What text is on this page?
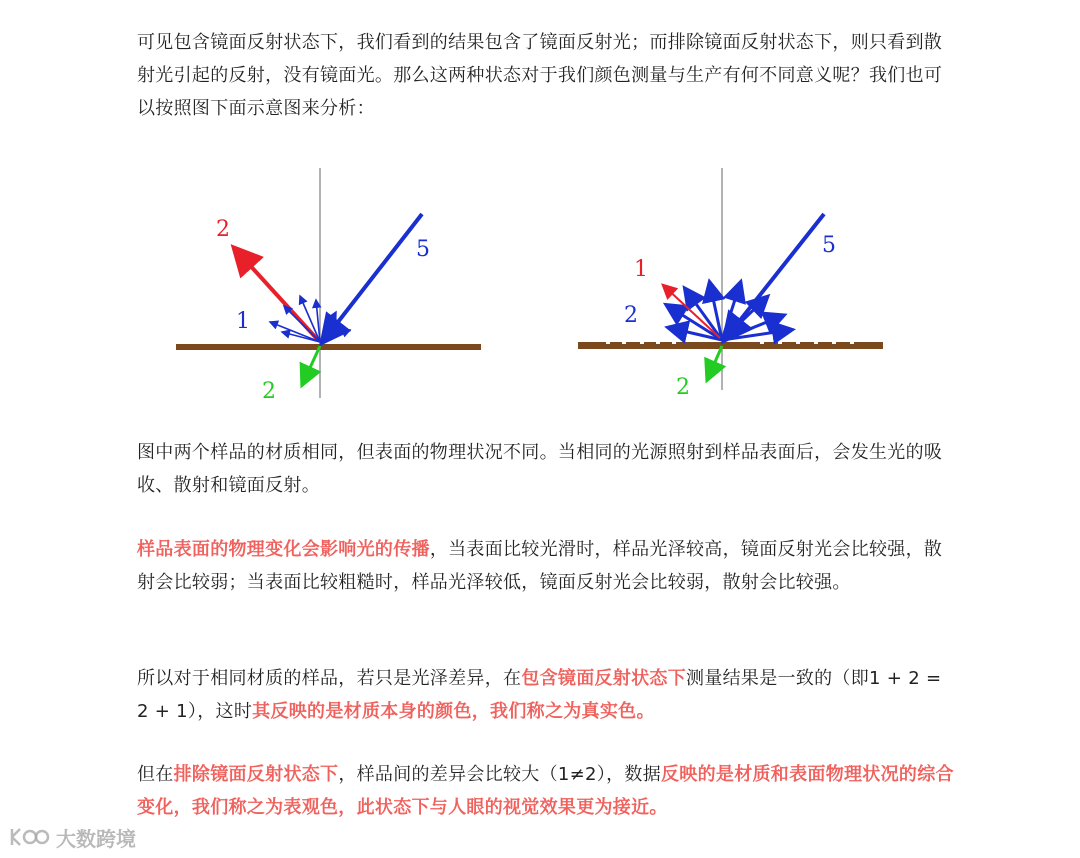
可见包含镜面反射状态下，我们看到的结果包含了镜面反射光；而排除镜面反射状态下，则只看到散射光引起的反射，没有镜面光。那么这两种状态对于我们颜色测量与生产有何不同意义呢？我们也可以按照图下面示意图来分析：

2
1
5
2
1
2
5
2

图中两个样品的材质相同，但表面的物理状况不同。当相同的光源照射到样品表面后，会发生光的吸收、散射和镜面反射。

样品表面的物理变化会影响光的传播，当表面比较光滑时，样品光泽较高，镜面反射光会比较强，散射会比较弱；当表面比较粗糙时，样品光泽较低，镜面反射光会比较弱，散射会比较强。

所以对于相同材质的样品，若只是光泽差异，在包含镜面反射状态下测量结果是一致的（即1 + 2 = 2 + 1），这时其反映的是材质本身的颜色，我们称之为真实色。

但在排除镜面反射状态下，样品间的差异会比较大（1≠2），数据反映的是材质和表面物理状况的综合变化，我们称之为表观色，此状态下与人眼的视觉效果更为接近。

大数跨境
